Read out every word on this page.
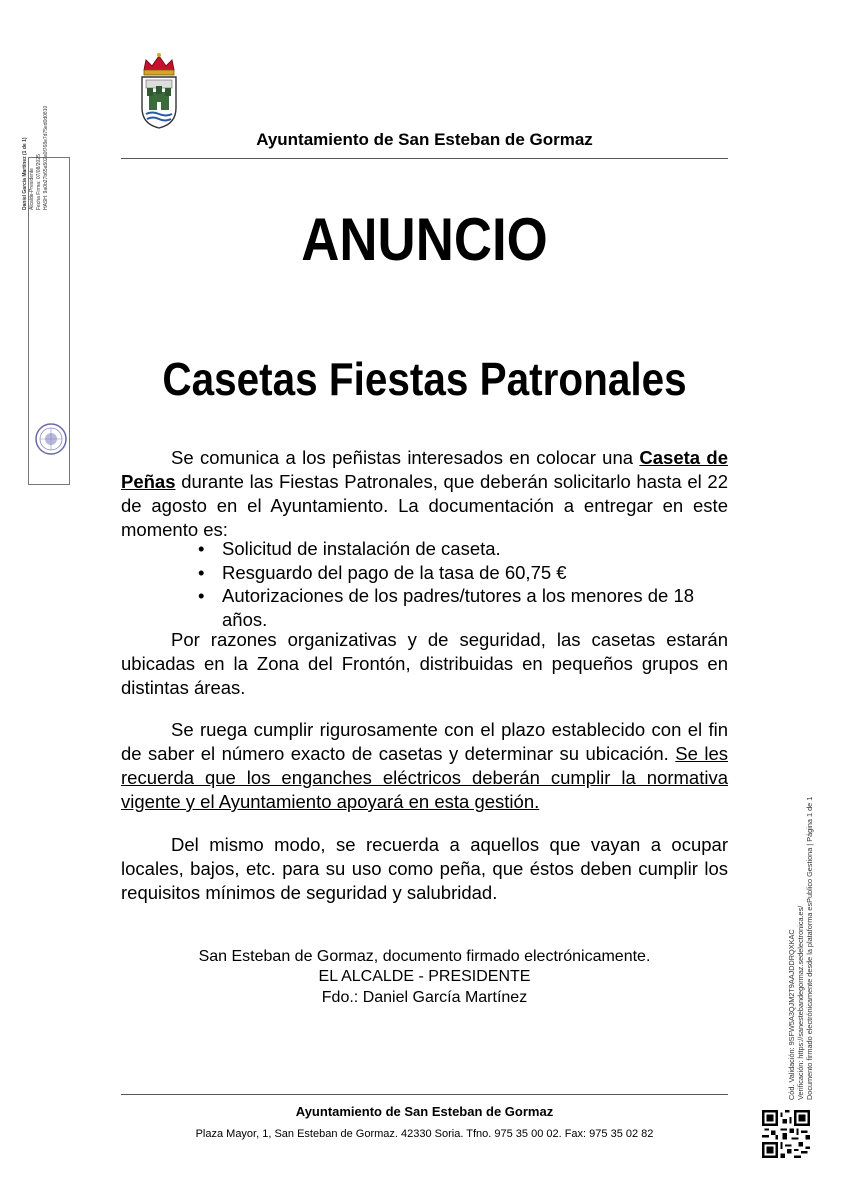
Ayuntamiento de San Esteban de Gormaz
ANUNCIO
Casetas Fiestas Patronales
Se comunica a los peñistas interesados en colocar una Caseta de Peñas durante las Fiestas Patronales, que deberán solicitarlo hasta el 22 de agosto en el Ayuntamiento. La documentación a entregar en este momento es:
• Solicitud de instalación de caseta.
• Resguardo del pago de la tasa de 60,75 €
• Autorizaciones de los padres/tutores a los menores de 18 años.
Por razones organizativas y de seguridad, las casetas estarán ubicadas en la Zona del Frontón, distribuidas en pequeños grupos en distintas áreas.
Se ruega cumplir rigurosamente con el plazo establecido con el fin de saber el número exacto de casetas y determinar su ubicación. Se les recuerda que los enganches eléctricos deberán cumplir la normativa vigente y el Ayuntamiento apoyará en esta gestión.
Del mismo modo, se recuerda a aquellos que vayan a ocupar locales, bajos, etc. para su uso como peña, que éstos deben cumplir los requisitos mínimos de seguridad y salubridad.
San Esteban de Gormaz, documento firmado electrónicamente.
EL ALCALDE - PRESIDENTE
Fdo.: Daniel García Martínez
Ayuntamiento de San Esteban de Gormaz
Plaza Mayor, 1, San Esteban de Gormaz. 42330 Soria. Tfno. 975 35 00 02. Fax: 975 35 02 82
Daniel García Martínez (1 de 1) Alcalde-Presidente Fecha Firma: 07/08/2025 HASH: 9a0b27b65a502a0f768e7d75ed0d0810
Cód. Validación: 9SFW5A3QJM2T9AAJDDRQXKAC Verificación: https://sanestebandegormaz.sedelectronica.es/ Documento firmado electrónicamente desde la plataforma esPublico Gestiona | Página 1 de 1
